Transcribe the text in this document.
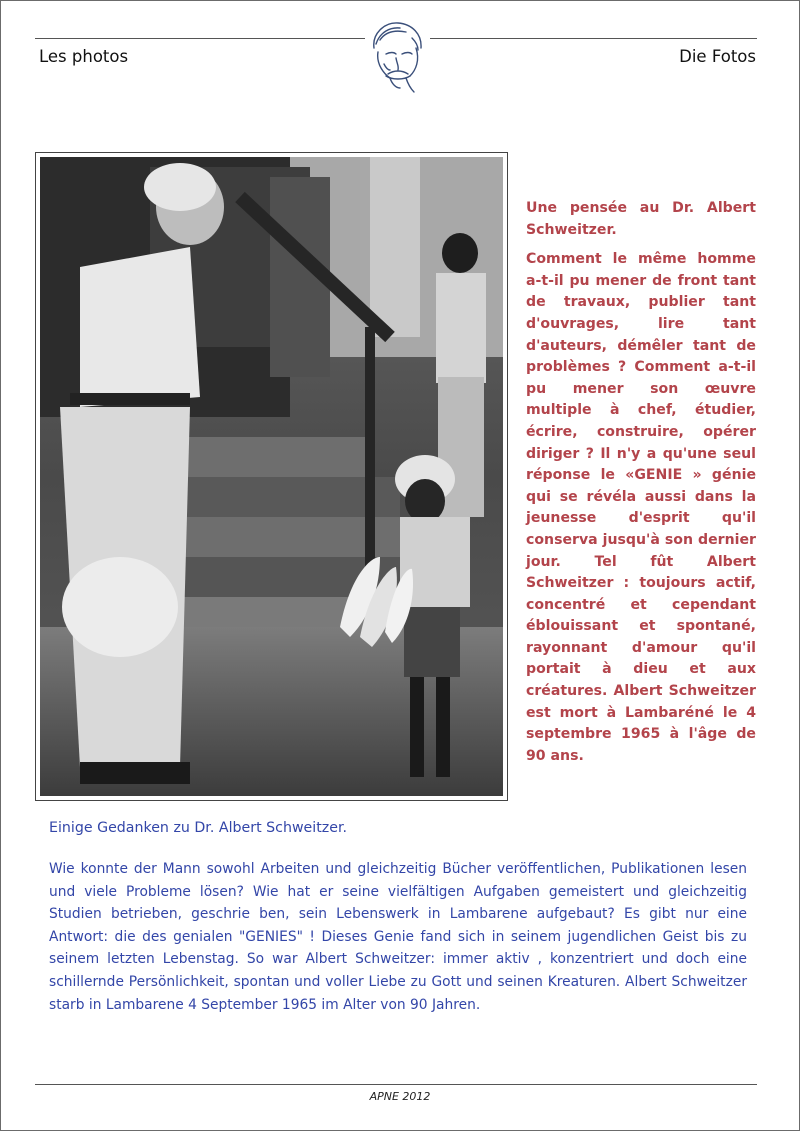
Les photos	Die Fotos

Une pensée au Dr. Albert Schweitzer.

Comment le même homme a-t-il pu mener de front tant de travaux, publier tant d'ouvrages, lire tant d'auteurs, démêler tant de problèmes ? Comment a-t-il pu mener son œuvre multiple à chef, étudier, écrire, construire, opérer diriger ? Il n'y a qu'une seul réponse le «GENIE » génie qui se révéla aussi dans la jeunesse d'esprit qu'il conserva jusqu'à son dernier jour. Tel fût Albert Schweitzer : toujours actif, concentré et cependant éblouissant et spontané, rayonnant d'amour qu'il portait à dieu et aux créatures. Albert Schweitzer est mort à Lambaréné le 4 septembre 1965 à l'âge de 90 ans.

Einige Gedanken zu Dr. Albert Schweitzer.

Wie konnte der Mann sowohl Arbeiten und gleichzeitig Bücher veröffentlichen, Publikationen lesen und viele Probleme lösen? Wie hat er seine vielfältigen Aufgaben gemeistert und gleichzeitig Studien betrieben, geschrie ben, sein Lebenswerk in Lambarene aufgebaut? Es gibt nur eine Antwort: die des genialen "GENIES" ! Dieses Genie fand sich in seinem jugendlichen Geist bis zu seinem letzten Lebenstag. So war Albert Schweitzer: immer aktiv , konzentriert und doch eine schillernde Persönlichkeit, spontan und voller Liebe zu Gott und seinen Kreaturen. Albert Schweitzer starb in Lambarene 4 September 1965 im Alter von 90 Jahren.

APNE 2012
